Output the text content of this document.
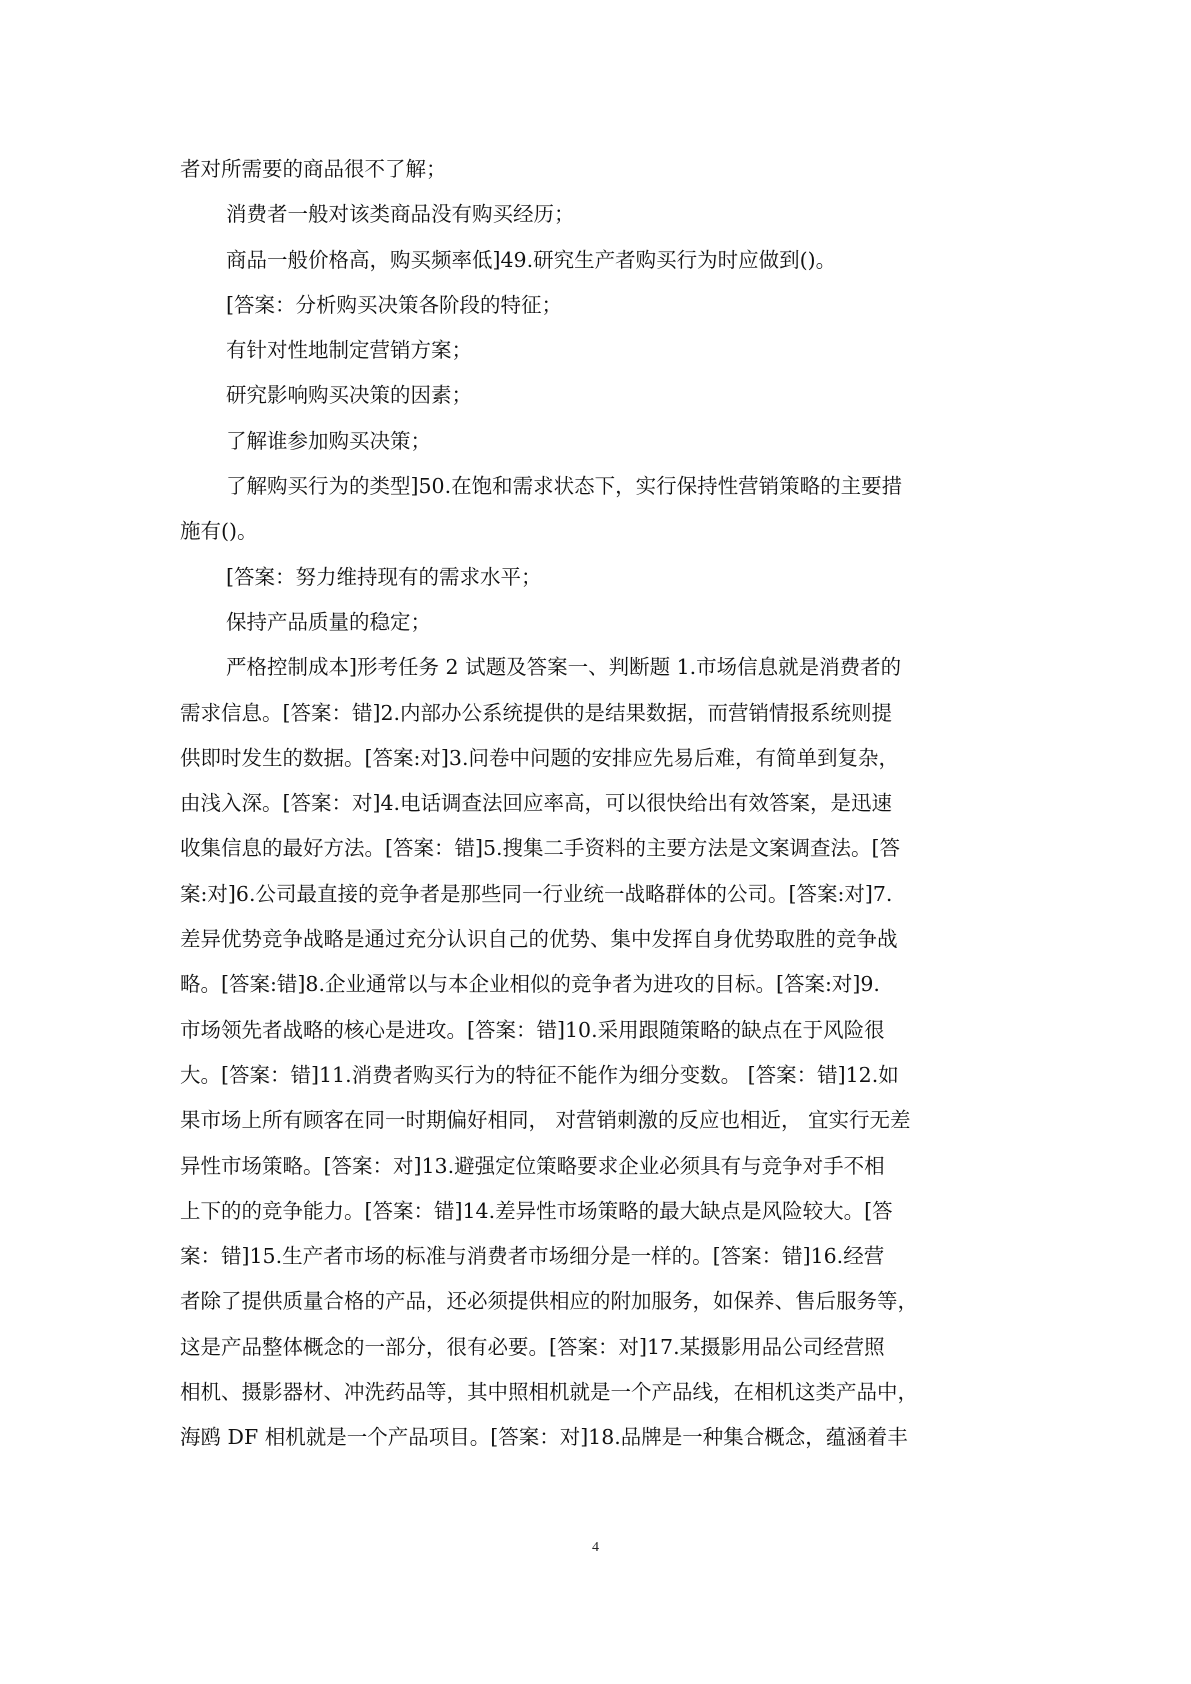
者对所需要的商品很不了解；
消费者一般对该类商品没有购买经历；
商品一般价格高，购买频率低]49.研究生产者购买行为时应做到()。
[答案：分析购买决策各阶段的特征；
有针对性地制定营销方案；
研究影响购买决策的因素；
了解谁参加购买决策；
了解购买行为的类型]50.在饱和需求状态下，实行保持性营销策略的主要措
施有()。
[答案：努力维持现有的需求水平；
保持产品质量的稳定；
严格控制成本]形考任务 2 试题及答案一、判断题 1.市场信息就是消费者的
需求信息。[答案：错]2.内部办公系统提供的是结果数据，而营销情报系统则提
供即时发生的数据。[答案:对]3.问卷中问题的安排应先易后难，有简单到复杂，
由浅入深。[答案：对]4.电话调查法回应率高，可以很快给出有效答案，是迅速
收集信息的最好方法。[答案：错]5.搜集二手资料的主要方法是文案调查法。[答
案:对]6.公司最直接的竞争者是那些同一行业统一战略群体的公司。[答案:对]7.
差异优势竞争战略是通过充分认识自己的优势、集中发挥自身优势取胜的竞争战
略。[答案:错]8.企业通常以与本企业相似的竞争者为进攻的目标。[答案:对]9.
市场领先者战略的核心是进攻。[答案：错]10.采用跟随策略的缺点在于风险很
大。[答案：错]11.消费者购买行为的特征不能作为细分变数。 [答案：错]12.如
果市场上所有顾客在同一时期偏好相同， 对营销刺激的反应也相近， 宜实行无差
异性市场策略。[答案：对]13.避强定位策略要求企业必须具有与竞争对手不相
上下的的竞争能力。[答案：错]14.差异性市场策略的最大缺点是风险较大。[答
案：错]15.生产者市场的标准与消费者市场细分是一样的。[答案：错]16.经营
者除了提供质量合格的产品，还必须提供相应的附加服务，如保养、售后服务等，
这是产品整体概念的一部分，很有必要。[答案：对]17.某摄影用品公司经营照
相机、摄影器材、冲洗药品等，其中照相机就是一个产品线，在相机这类产品中，
海鸥 DF 相机就是一个产品项目。[答案：对]18.品牌是一种集合概念，蕴涵着丰
4
